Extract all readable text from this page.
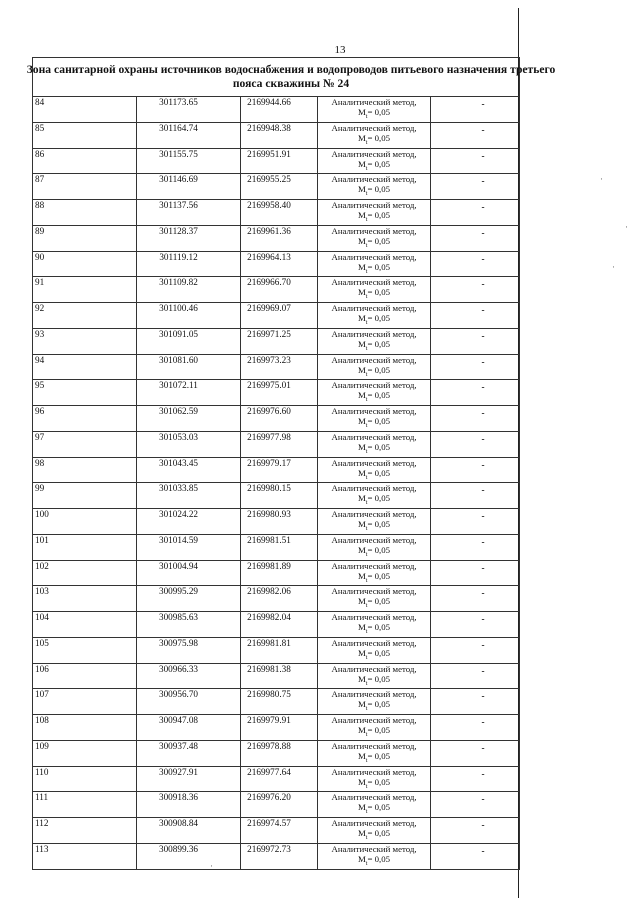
13
Зона санитарной охраны источников водоснабжения и водопроводов питьевого назначения третьего пояса скважины № 24				

84	301173.65	2169944.66	Аналитический метод,
$M_t= 0,05$	-
85	301164.74	2169948.38	Аналитический метод,
$M_t= 0,05$	-
86	301155.75	2169951.91	Аналитический метод,
$M_t= 0,05$	-
87	301146.69	2169955.25	Аналитический метод,
$M_t= 0,05$	-
88	301137.56	2169958.40	Аналитический метод,
$M_t= 0,05$	-
89	301128.37	2169961.36	Аналитический метод,
$M_t= 0,05$	-
90	301119.12	2169964.13	Аналитический метод,
$M_t= 0,05$	-
91	301109.82	2169966.70	Аналитический метод,
$M_t= 0,05$	-
92	301100.46	2169969.07	Аналитический метод,
$M_t= 0,05$	-
93	301091.05	2169971.25	Аналитический метод,
$M_t= 0,05$	-
94	301081.60	2169973.23	Аналитический метод,
$M_t= 0,05$	-
95	301072.11	2169975.01	Аналитический метод,
$M_t= 0,05$	-
96	301062.59	2169976.60	Аналитический метод,
$M_t= 0,05$	-
97	301053.03	2169977.98	Аналитический метод,
$M_t= 0,05$	-
98	301043.45	2169979.17	Аналитический метод,
$M_t= 0,05$	-
99	301033.85	2169980.15	Аналитический метод,
$M_t= 0,05$	-
100	301024.22	2169980.93	Аналитический метод,
$M_t= 0,05$	-
101	301014.59	2169981.51	Аналитический метод,
$M_t= 0,05$	-
102	301004.94	2169981.89	Аналитический метод,
$M_t= 0,05$	-
103	300995.29	2169982.06	Аналитический метод,
$M_t= 0,05$	-
104	300985.63	2169982.04	Аналитический метод,
$M_t= 0,05$	-
105	300975.98	2169981.81	Аналитический метод,
$M_t= 0,05$	-
106	300966.33	2169981.38	Аналитический метод,
$M_t= 0,05$	-
107	300956.70	2169980.75	Аналитический метод,
$M_t= 0,05$	-
108	300947.08	2169979.91	Аналитический метод,
$M_t= 0,05$	-
109	300937.48	2169978.88	Аналитический метод,
$M_t= 0,05$	-
110	300927.91	2169977.64	Аналитический метод,
$M_t= 0,05$	-
111	300918.36	2169976.20	Аналитический метод,
$M_t= 0,05$	-
112	300908.84	2169974.57	Аналитический метод,
$M_t= 0,05$	-
113	300899.36	2169972.73	Аналитический метод,
$M_t= 0,05$	-
·
·
·
·
